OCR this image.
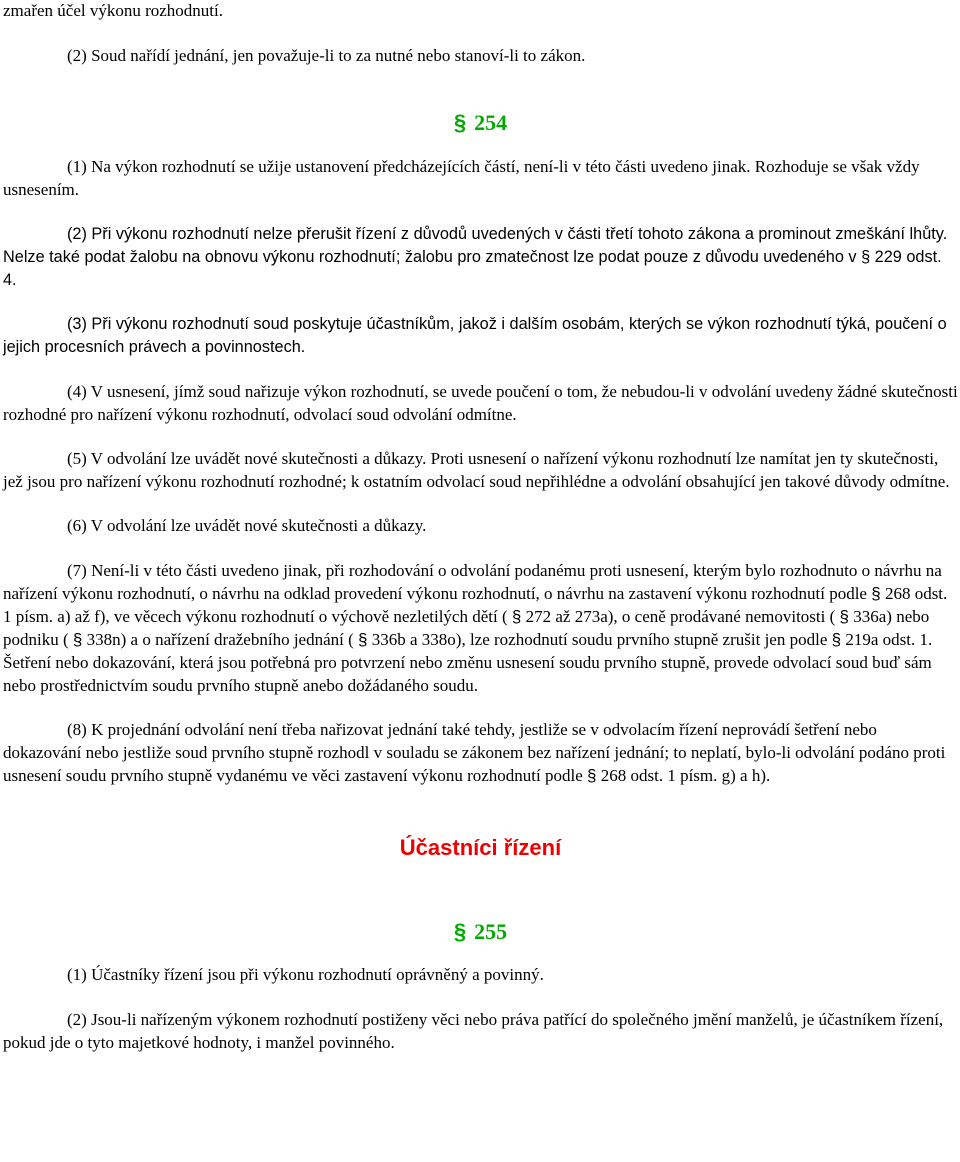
zmařen účel výkonu rozhodnutí.

(2) Soud nařídí jednání, jen považuje-li to za nutné nebo stanoví-li to zákon.

§ 254

(1) Na výkon rozhodnutí se užije ustanovení předcházejících částí, není-li v této části uvedeno jinak. Rozhoduje se však vždy usnesením.

(2) Při výkonu rozhodnutí nelze přerušit řízení z důvodů uvedených v části třetí tohoto zákona a prominout zmeškání lhůty. Nelze také podat žalobu na obnovu výkonu rozhodnutí; žalobu pro zmatečnost lze podat pouze z důvodu uvedeného v § 229 odst. 4.

(3) Při výkonu rozhodnutí soud poskytuje účastníkům, jakož i dalším osobám, kterých se výkon rozhodnutí týká, poučení o jejich procesních právech a povinnostech.

(4) V usnesení, jímž soud nařizuje výkon rozhodnutí, se uvede poučení o tom, že nebudou-li v odvolání uvedeny žádné skutečnosti rozhodné pro nařízení výkonu rozhodnutí, odvolací soud odvolání odmítne.

(5) V odvolání lze uvádět nové skutečnosti a důkazy. Proti usnesení o nařízení výkonu rozhodnutí lze namítat jen ty skutečnosti, jež jsou pro nařízení výkonu rozhodnutí rozhodné; k ostatním odvolací soud nepřihlédne a odvolání obsahující jen takové důvody odmítne.

(6) V odvolání lze uvádět nové skutečnosti a důkazy.

(7) Není-li v této části uvedeno jinak, při rozhodování o odvolání podanému proti usnesení, kterým bylo rozhodnuto o návrhu na nařízení výkonu rozhodnutí, o návrhu na odklad provedení výkonu rozhodnutí, o návrhu na zastavení výkonu rozhodnutí podle § 268 odst. 1 písm. a) až f), ve věcech výkonu rozhodnutí o výchově nezletilých dětí ( § 272 až 273a), o ceně prodávané nemovitosti ( § 336a) nebo podniku ( § 338n) a o nařízení dražebního jednání ( § 336b a 338o), lze rozhodnutí soudu prvního stupně zrušit jen podle § 219a odst. 1. Šetření nebo dokazování, která jsou potřebná pro potvrzení nebo změnu usnesení soudu prvního stupně, provede odvolací soud buď sám nebo prostřednictvím soudu prvního stupně anebo dožádaného soudu.

(8) K projednání odvolání není třeba nařizovat jednání také tehdy, jestliže se v odvolacím řízení neprovádí šetření nebo dokazování nebo jestliže soud prvního stupně rozhodl v souladu se zákonem bez nařízení jednání; to neplatí, bylo-li odvolání podáno proti usnesení soudu prvního stupně vydanému ve věci zastavení výkonu rozhodnutí podle § 268 odst. 1 písm. g) a h).

Účastníci řízení
§ 255

(1) Účastníky řízení jsou při výkonu rozhodnutí oprávněný a povinný.

(2) Jsou-li nařízeným výkonem rozhodnutí postiženy věci nebo práva patřící do společného jmění manželů, je účastníkem řízení, pokud jde o tyto majetkové hodnoty, i manžel povinného.
